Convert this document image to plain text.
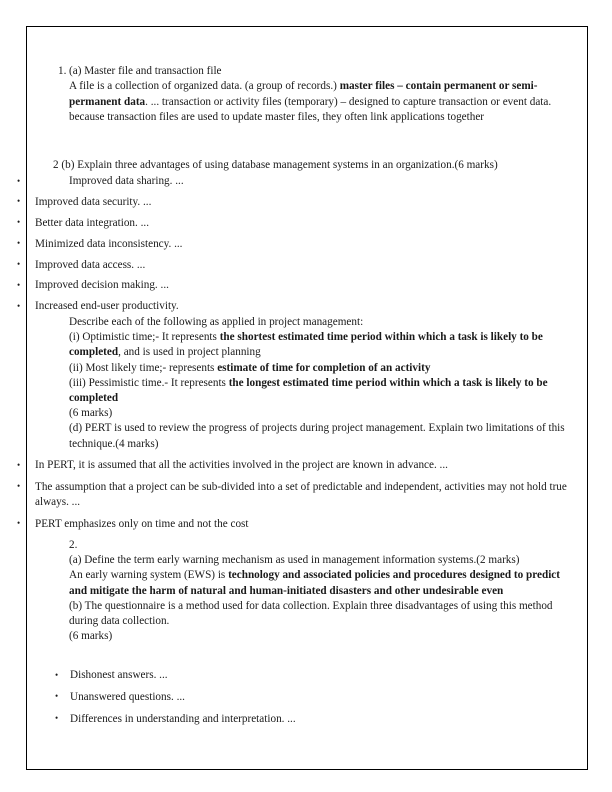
1. (a) Master file and transaction file
A file is a collection of organized data. (a group of records.) master files – contain permanent or semi-permanent data. ... transaction or activity files (temporary) – designed to capture transaction or event data. because transaction files are used to update master files, they often link applications together
2 (b) Explain three advantages of using database management systems in an organization.(6 marks)
•	Improved data sharing. ...
• Improved data security. ...
• Better data integration. ...
• Minimized data inconsistency. ...
• Improved data access. ...
• Improved decision making. ...
• Increased end-user productivity.
Describe each of the following as applied in project management:
(i) Optimistic time;- It represents the shortest estimated time period within which a task is likely to be completed, and is used in project planning
(ii) Most likely time;- represents estimate of time for completion of an activity
(iii) Pessimistic time.- It represents the longest estimated time period within which a task is likely to be completed
(6 marks)
(d) PERT is used to review the progress of projects during project management. Explain two limitations of this technique.(4 marks)
• In PERT, it is assumed that all the activities involved in the project are known in advance. ...
• The assumption that a project can be sub-divided into a set of predictable and independent, activities may not hold true always. ...
• PERT emphasizes only on time and not the cost
2.
(a) Define the term early warning mechanism as used in management information systems.(2 marks)
An early warning system (EWS) is technology and associated policies and procedures designed to predict and mitigate the harm of natural and human-initiated disasters and other undesirable even
(b) The questionnaire is a method used for data collection. Explain three disadvantages of using this method during data collection.
(6 marks)
• Dishonest answers. ...
• Unanswered questions. ...
• Differences in understanding and interpretation. ...
